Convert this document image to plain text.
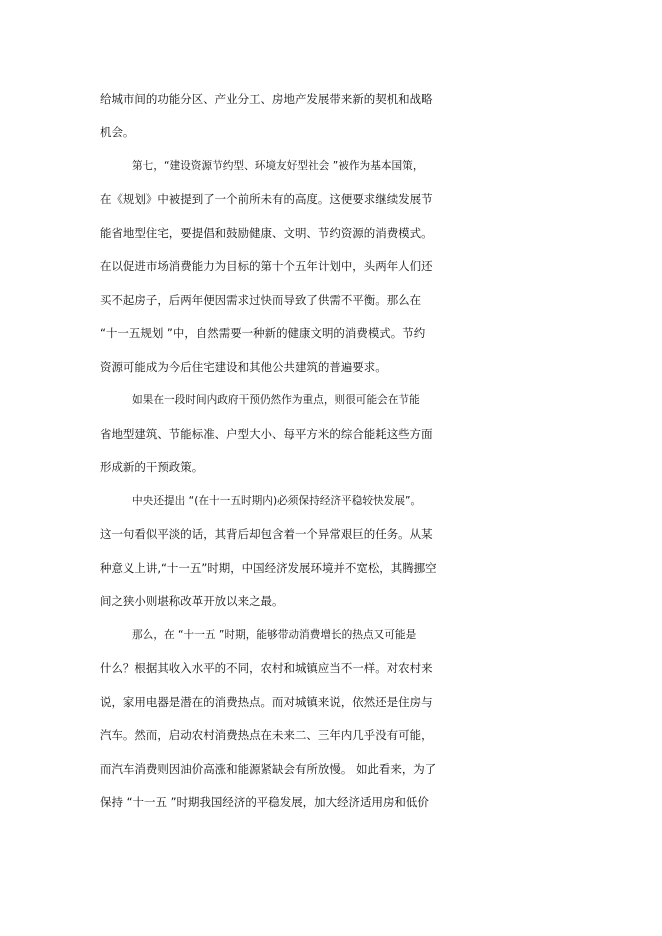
给城市间的功能分区、产业分工、房地产发展带来新的契机和战略
机会。
第七，“建设资源节约型、环境友好型社会 ”被作为基本国策，
在《规划》中被提到了一个前所未有的高度。这便要求继续发展节
能省地型住宅，要提倡和鼓励健康、文明、节约资源的消费模式。
在以促进市场消费能力为目标的第十个五年计划中，头两年人们还
买不起房子，后两年便因需求过快而导致了供需不平衡。那么在
“十一五规划 ”中，自然需要一种新的健康文明的消费模式。节约
资源可能成为今后住宅建设和其他公共建筑的普遍要求。
如果在一段时间内政府干预仍然作为重点，则很可能会在节能
省地型建筑、节能标准、户型大小、每平方米的综合能耗这些方面
形成新的干预政策。
中央还提出 “(在十一五时期内)必须保持经济平稳较快发展”。
这一句看似平淡的话，其背后却包含着一个异常艰巨的任务。从某
种意义上讲,“十一五”时期，中国经济发展环境并不宽松，其腾挪空
间之狭小则堪称改革开放以来之最。
那么，在 “十一五 ”时期，能够带动消费增长的热点又可能是
什么？根据其收入水平的不同，农村和城镇应当不一样。对农村来
说，家用电器是潜在的消费热点。而对城镇来说，依然还是住房与
汽车。然而，启动农村消费热点在未来二、三年内几乎没有可能，
而汽车消费则因油价高涨和能源紧缺会有所放慢。 如此看来，为了
保持 “十一五 ”时期我国经济的平稳发展，加大经济适用房和低价
